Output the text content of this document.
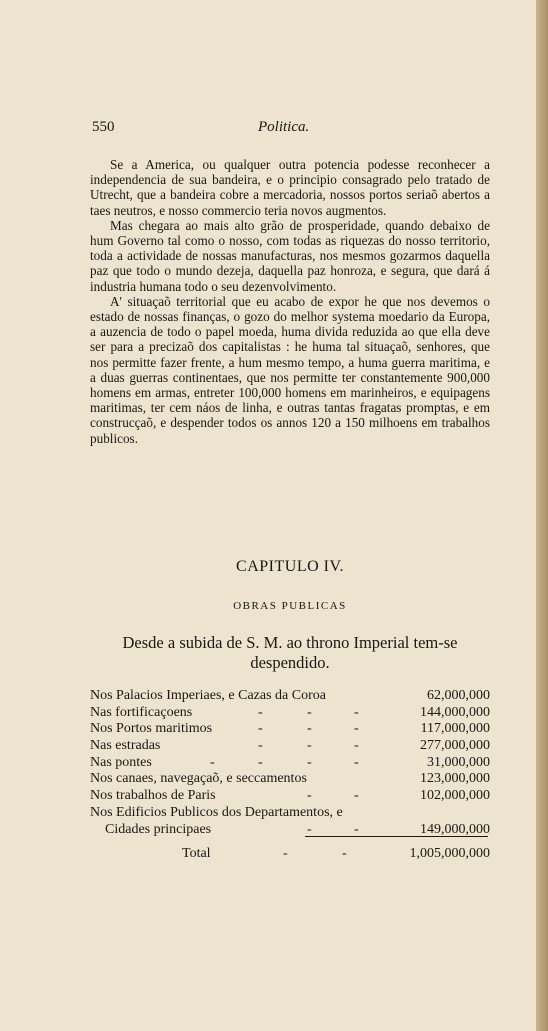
550	Politica.

Se a America, ou qualquer outra potencia podesse reconhecer a independencia de sua bandeira, e o principio consagrado pelo tratado de Utrecht, que a bandeira cobre a mercadoria, nossos portos seriaõ abertos a taes neutros, e nosso commercio teria novos augmentos.

Mas chegara ao mais alto grão de prosperidade, quando debaixo de hum Governo tal como o nosso, com todas as riquezas do nosso territorio, toda a actividade de nossas manufacturas, nos mesmos gozarmos daquella paz que todo o mundo dezeja, daquella paz honroza, e segura, que dará á industria humana todo o seu dezenvolvimento.

A' situaçaõ territorial que eu acabo de expor he que nos devemos o estado de nossas finanças, o gozo do melhor systema moedario da Europa, a auzencia de todo o papel moeda, huma divida reduzida ao que ella deve ser para a precizaõ dos capitalistas : he huma tal situaçaõ, senhores, que nos permitte fazer frente, a hum mesmo tempo, a huma guerra maritima, e a duas guerras continentaes, que nos permitte ter constantemente 900,000 homens em armas, entreter 100,000 homens em marinheiros, e equipagens maritimas, ter cem náos de linha, e outras tantas fragatas promptas, e em construcçaõ, e despender todos os annos 120 a 150 milhoens em trabalhos publicos.

CAPITULO IV.
OBRAS PUBLICAS
Desde a subida de S. M. ao throno Imperial tem-se despendido.
Nos Palacios Imperiaes, e Cazas da Coroa	62,000,000
Nas fortificaçoens	-	-	-	144,000,000
Nos Portos maritimos	-	-	-	117,000,000
Nas estradas	-	-	-	277,000,000
Nas pontes	-	-	-	-	31,000,000
Nos canaes, navegaçaõ, e seccamentos	123,000,000
Nos trabalhos de Paris	-	-	102,000,000
Nos Edificios Publicos dos Departamentos, e
Cidades principaes	-	-	149,000,000
Total	-	-	1,005,000,000
